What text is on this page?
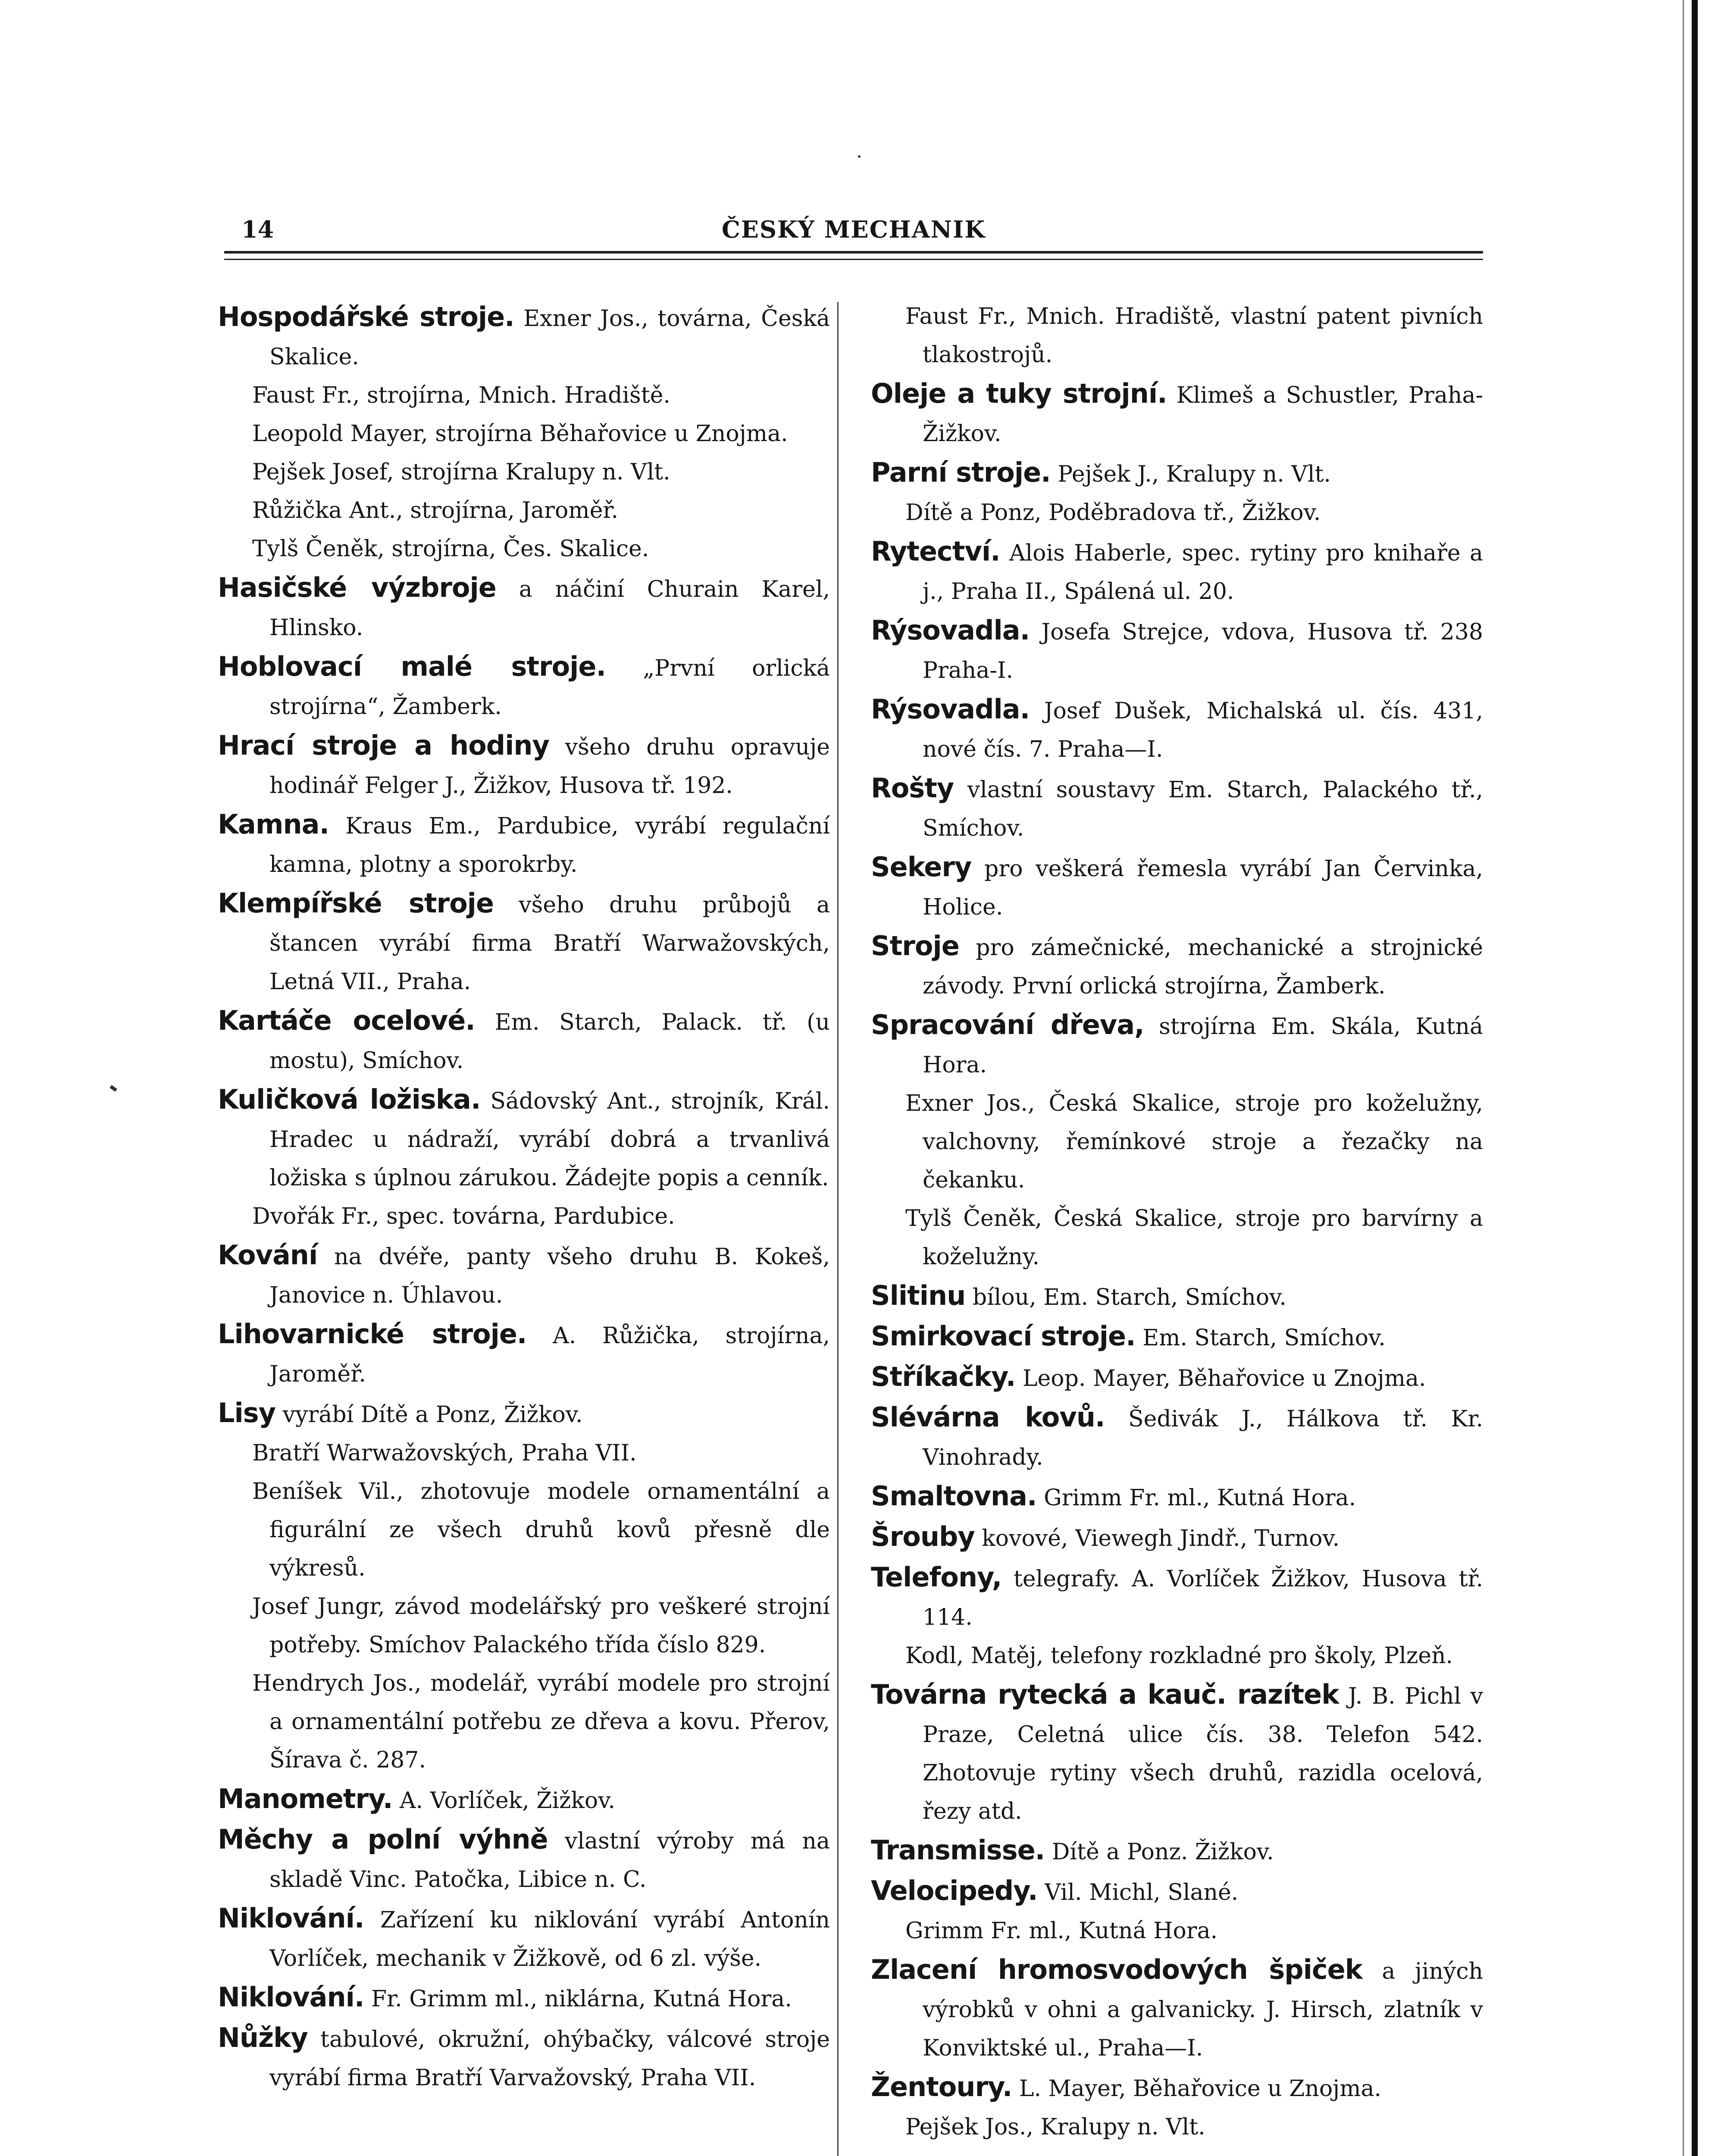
14	ČESKÝ MECHANIK

Hospodářské stroje. Exner Jos., továrna, Česká Skalice.

Faust Fr., strojírna, Mnich. Hradiště.

Leopold Mayer, strojírna Běhařovice u Znojma.

Pejšek Josef, strojírna Kralupy n. Vlt.

Růžička Ant., strojírna, Jaroměř.

Tylš Čeněk, strojírna, Čes. Skalice.

Hasičské výzbroje a náčiní Churain Karel, Hlinsko.

Hoblovací malé stroje. „První orlická strojírna“, Žamberk.

Hrací stroje a hodiny všeho druhu opravuje hodinář Felger J., Žižkov, Husova tř. 192.

Kamna. Kraus Em., Pardubice, vyrábí regulační kamna, plotny a sporokrby.

Klempířské stroje všeho druhu průbojů a štancen vyrábí firma Bratří Warwažovských, Letná VII., Praha.

Kartáče ocelové. Em. Starch, Palack. tř. (u mostu), Smíchov.

Kuličková ložiska. Sádovský Ant., strojník, Král. Hradec u nádraží, vyrábí dobrá a trvanlivá ložiska s úplnou zárukou. Žádejte popis a cenník.

Dvořák Fr., spec. továrna, Pardubice.

Kování na dvéře, panty všeho druhu B. Kokeš, Janovice n. Úhlavou.

Lihovarnické stroje. A. Růžička, strojírna, Jaroměř.

Lisy vyrábí Dítě a Ponz, Žižkov.

Bratří Warwažovských, Praha VII.

Beníšek Vil., zhotovuje modele ornamentální a figurální ze všech druhů kovů přesně dle výkresů.

Josef Jungr, závod modelářský pro veškeré strojní potřeby. Smíchov Palackého třída číslo 829.

Hendrych Jos., modelář, vyrábí modele pro strojní a ornamentální potřebu ze dřeva a kovu. Přerov, Šírava č. 287.

Manometry. A. Vorlíček, Žižkov.

Měchy a polní výhně vlastní výroby má na skladě Vinc. Patočka, Libice n. C.

Niklování. Zařízení ku niklování vyrábí Antonín Vorlíček, mechanik v Žižkově, od 6 zl. výše.

Niklování. Fr. Grimm ml., niklárna, Kutná Hora.

Nůžky tabulové, okružní, ohýbačky, válcové stroje vyrábí firma Bratří Varvažovský, Praha VII.

Faust Fr., Mnich. Hradiště, vlastní patent pivních tlakostrojů.

Oleje a tuky strojní. Klimeš a Schustler, Praha-Žižkov.

Parní stroje. Pejšek J., Kralupy n. Vlt.

Dítě a Ponz, Poděbradova tř., Žižkov.

Rytectví. Alois Haberle, spec. rytiny pro knihaře a j., Praha II., Spálená ul. 20.

Rýsovadla. Josefa Strejce, vdova, Husova tř. 238 Praha-I.

Rýsovadla. Josef Dušek, Michalská ul. čís. 431, nové čís. 7. Praha—I.

Rošty vlastní soustavy Em. Starch, Palackého tř., Smíchov.

Sekery pro veškerá řemesla vyrábí Jan Červinka, Holice.

Stroje pro zámečnické, mechanické a strojnické závody. První orlická strojírna, Žamberk.

Spracování dřeva, strojírna Em. Skála, Kutná Hora.

Exner Jos., Česká Skalice, stroje pro koželužny, valchovny, řemínkové stroje a řezačky na čekanku.

Tylš Čeněk, Česká Skalice, stroje pro barvírny a koželužny.

Slitinu bílou, Em. Starch, Smíchov.

Smirkovací stroje. Em. Starch, Smíchov.

Stříkačky. Leop. Mayer, Běhařovice u Znojma.

Slévárna kovů. Šedivák J., Hálkova tř. Kr. Vinohrady.

Smaltovna. Grimm Fr. ml., Kutná Hora.

Šrouby kovové, Viewegh Jindř., Turnov.

Telefony, telegrafy. A. Vorlíček Žižkov, Husova tř. 114.

Kodl, Matěj, telefony rozkladné pro školy, Plzeň.

Továrna rytecká a kauč. razítek J. B. Pichl v Praze, Celetná ulice čís. 38. Telefon 542. Zhotovuje rytiny všech druhů, razidla ocelová, řezy atd.

Transmisse. Dítě a Ponz. Žižkov.

Velocipedy. Vil. Michl, Slané.

Grimm Fr. ml., Kutná Hora.

Zlacení hromosvodových špiček a jiných výrobků v ohni a galvanicky. J. Hirsch, zlatník v Konviktské ul., Praha—I.

Žentoury. L. Mayer, Běhařovice u Znojma.

Pejšek Jos., Kralupy n. Vlt.
